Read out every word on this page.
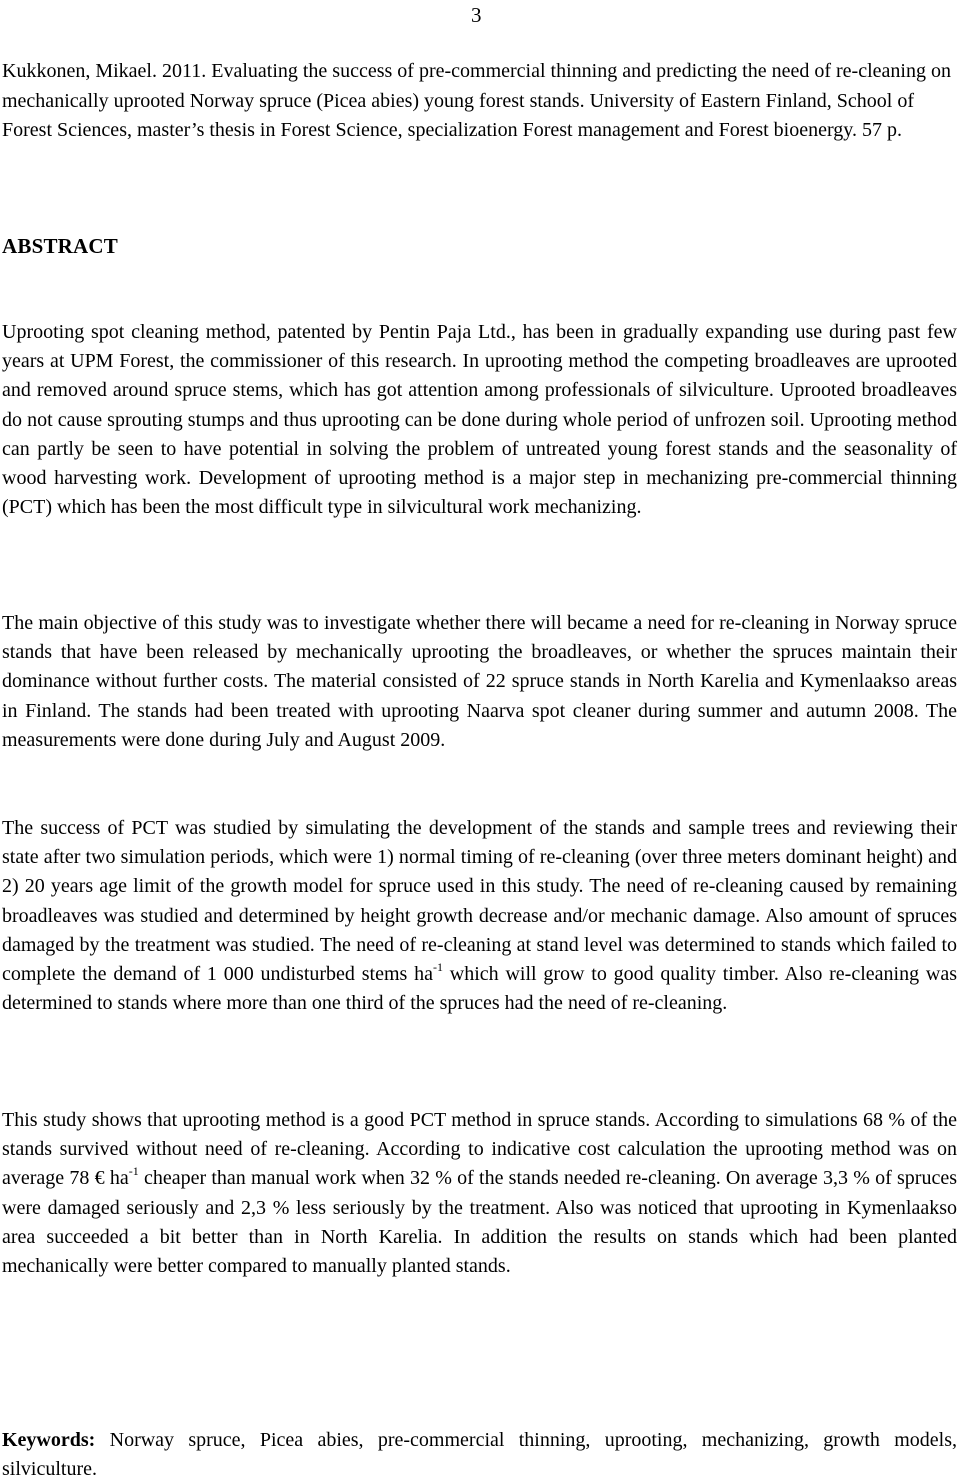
3

Kukkonen, Mikael. 2011. Evaluating the success of pre-commercial thinning and predicting the need of re-cleaning on mechanically uprooted Norway spruce (Picea abies) young forest stands. University of Eastern Finland, School of Forest Sciences, master’s thesis in Forest Science, specialization Forest management and Forest bioenergy. 57 p.

ABSTRACT

Uprooting spot cleaning method, patented by Pentin Paja Ltd., has been in gradually expanding use during past few years at UPM Forest, the commissioner of this research. In uprooting method the competing broadleaves are uprooted and removed around spruce stems, which has got attention among professionals of silviculture. Uprooted broadleaves do not cause sprouting stumps and thus uprooting can be done during whole period of unfrozen soil. Uprooting method can partly be seen to have potential in solving the problem of untreated young forest stands and the seasonality of wood harvesting work. Development of uprooting method is a major step in mechanizing pre-commercial thinning (PCT) which has been the most difficult type in silvicultural work mechanizing.

The main objective of this study was to investigate whether there will became a need for re-cleaning in Norway spruce stands that have been released by mechanically uprooting the broadleaves, or whether the spruces maintain their dominance without further costs. The material consisted of 22 spruce stands in North Karelia and Kymenlaakso areas in Finland. The stands had been treated with uprooting Naarva spot cleaner during summer and autumn 2008. The measurements were done during July and August 2009.

The success of PCT was studied by simulating the development of the stands and sample trees and reviewing their state after two simulation periods, which were 1) normal timing of re-cleaning (over three meters dominant height) and 2) 20 years age limit of the growth model for spruce used in this study. The need of re-cleaning caused by remaining broadleaves was studied and determined by height growth decrease and/or mechanic damage. Also amount of spruces damaged by the treatment was studied. The need of re-cleaning at stand level was determined to stands which failed to complete the demand of 1 000 undisturbed stems $ha^{-1}$ which will grow to good quality timber. Also re-cleaning was determined to stands where more than one third of the spruces had the need of re-cleaning.

This study shows that uprooting method is a good PCT method in spruce stands. According to simulations 68 % of the stands survived without need of re-cleaning. According to indicative cost calculation the uprooting method was on average 78 € $ha^{-1}$ cheaper than manual work when 32 % of the stands needed re-cleaning. On average 3,3 % of spruces were damaged seriously and 2,3 % less seriously by the treatment. Also was noticed that uprooting in Kymenlaakso area succeeded a bit better than in North Karelia. In addition the results on stands which had been planted mechanically were better compared to manually planted stands.

Keywords: Norway spruce, Picea abies, pre-commercial thinning, uprooting, mechanizing, growth models, silviculture.
